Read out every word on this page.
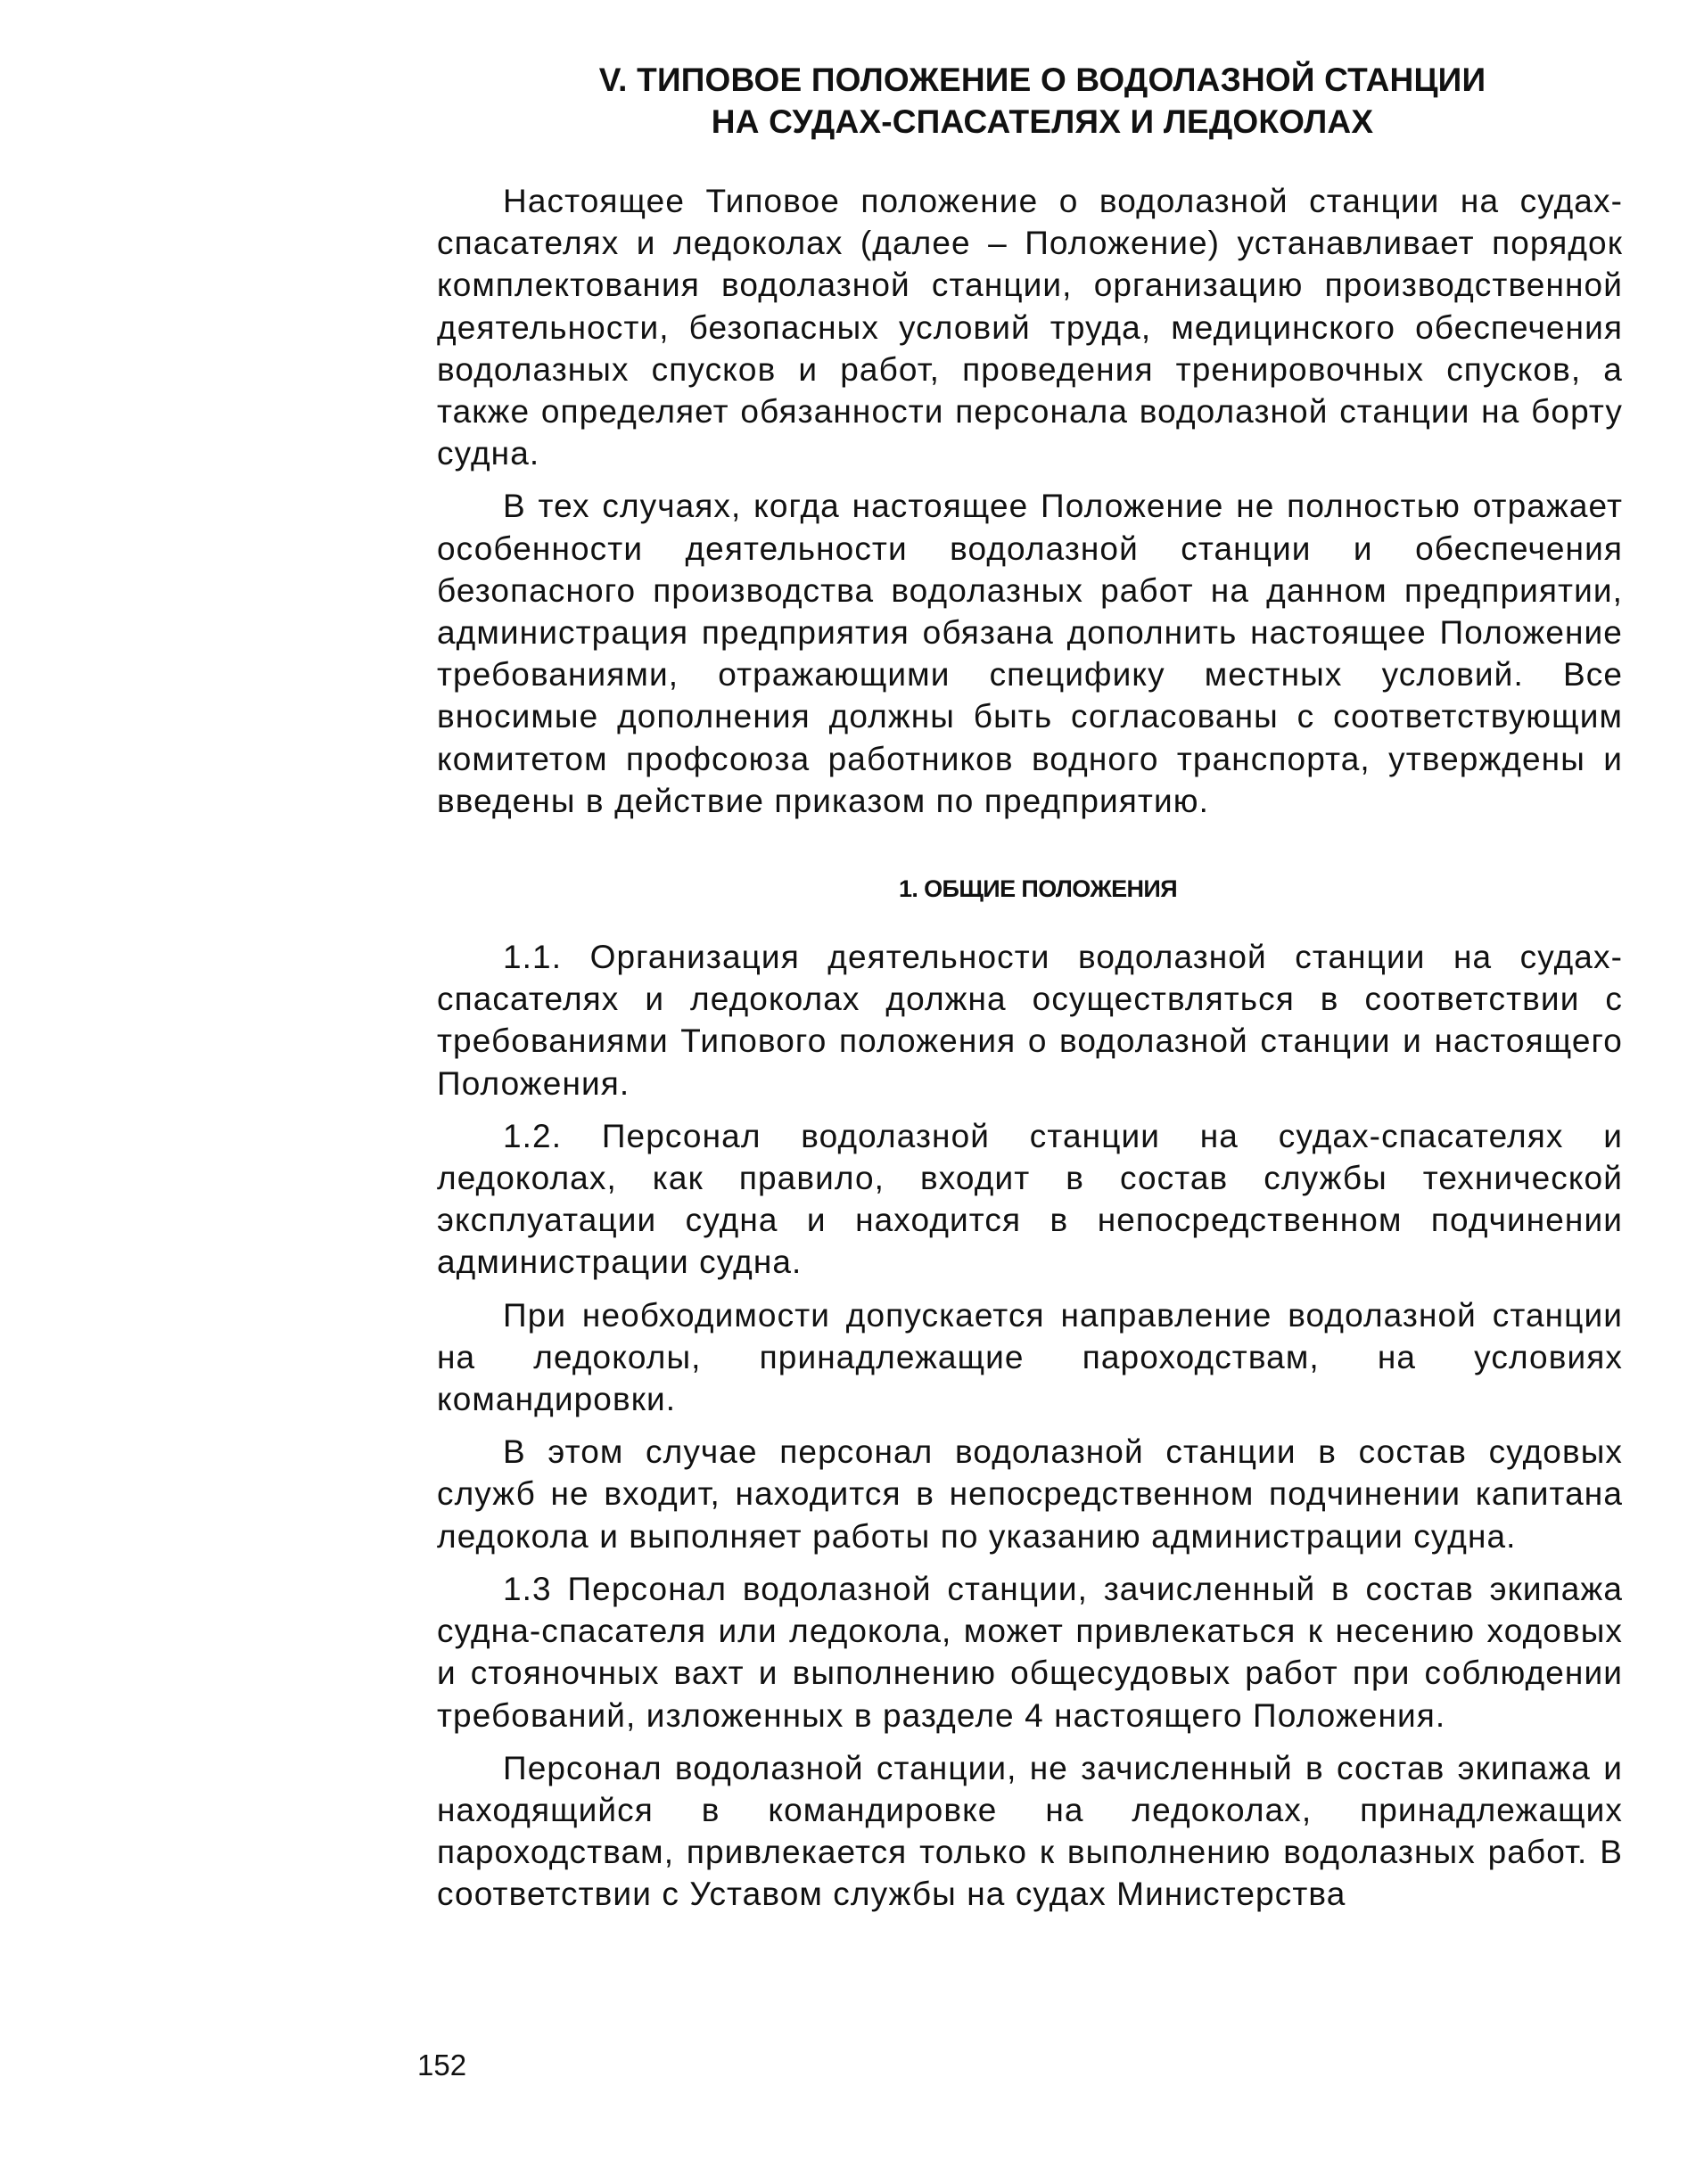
V. ТИПОВОЕ ПОЛОЖЕНИЕ О ВОДОЛАЗНОЙ СТАНЦИИ
НА СУДАХ-СПАСАТЕЛЯХ И ЛЕДОКОЛАХ

Настоящее Типовое положение о водолазной станции на судах-спасателях и ледоколах (далее – Положение) устанавливает порядок комплектования водолазной станции, организацию производственной деятельности, безопасных условий труда, медицинского обеспечения водолазных спусков и работ, проведения тренировочных спусков, а также определяет обязанности персонала водолазной станции на борту судна.

В тех случаях, когда настоящее Положение не полностью отражает особенности деятельности водолазной станции и обеспечения безопасного производства водолазных работ на данном предприятии, администрация предприятия обязана дополнить настоящее Положение требованиями, отражающими специфику местных условий. Все вносимые дополнения должны быть согласованы с соответствующим комитетом профсоюза работников водного транспорта, утверждены и введены в действие приказом по предприятию.

1. ОБЩИЕ ПОЛОЖЕНИЯ

1.1. Организация деятельности водолазной станции на судах-спасателях и ледоколах должна осуществляться в соответствии с требованиями Типового положения о водолазной станции и настоящего Положения.

1.2. Персонал водолазной станции на судах-спасателях и ледоколах, как правило, входит в состав службы технической эксплуатации судна и находится в непосредственном подчинении администрации судна.

При необходимости допускается направление водолазной станции на ледоколы, принадлежащие пароходствам, на условиях командировки.

В этом случае персонал водолазной станции в состав судовых служб не входит, находится в непосредственном подчинении капитана ледокола и выполняет работы по указанию администрации судна.

1.3 Персонал водолазной станции, зачисленный в состав экипажа судна-спасателя или ледокола, может привлекаться к несению ходовых и стояночных вахт и выполнению общесудовых работ при соблюдении требований, изложенных в разделе 4 настоящего Положения.

Персонал водолазной станции, не зачисленный в состав экипажа и находящийся в командировке на ледоколах, принадлежащих пароходствам, привлекается только к выполнению водолазных работ. В соответствии с Уставом службы на судах Министерства

152
